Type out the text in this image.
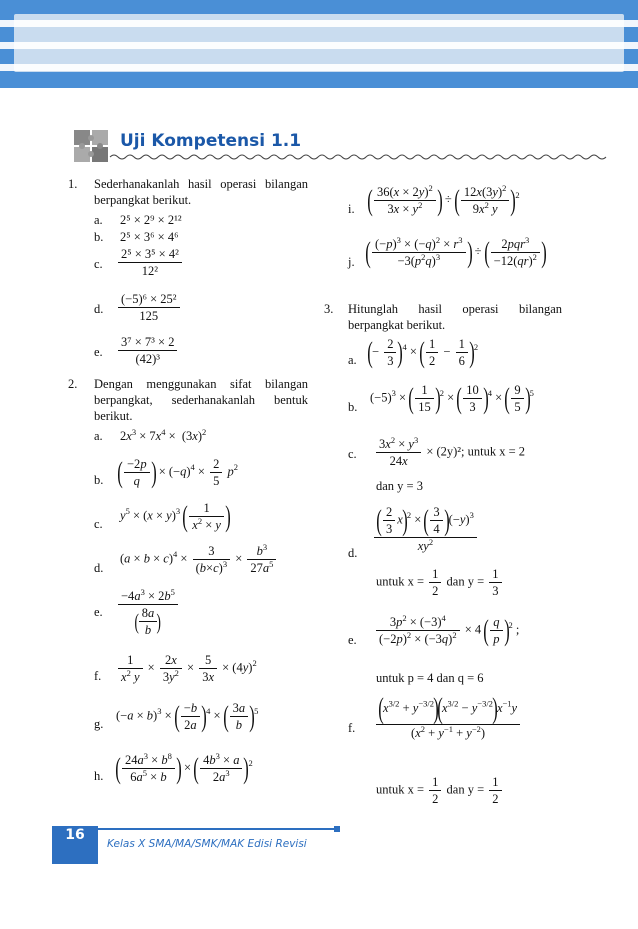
Uji Kompetensi 1.1
1. Sederhanakanlah hasil operasi bilangan berpangkat berikut.
a. 2⁵ × 2⁹ × 2¹²
b. 2⁵ × 3⁶ × 4⁶
c. $\frac{\text{2⁵ × 3⁵ × 4²}}{\text{12²}}$
d. $\frac{\text{(−5)⁶ × 25²}}{125}$
e. $\frac{\text{3⁷ × 7³ × 2}}{\text{(42)³}}$
2. Dengan menggunakan sifat bilangan berpangkat, sederhanakanlah bentuk berikut.
a. $2x^3 \times 7x^4 \times (3x)^2$
b. ( $\frac{-2p}{q}$ ) × $(-q)^4 \times \frac{2}{5} p^2$
c.
$y^5 \times (x \times y)^3$ ( $\frac{1}{x^2 \times y}$ )
d.
$(a \times b \times c)^4 \times \frac{3}{(b\times c)^3} \times \frac{b^3}{27a^5}$
e. $\frac{-4a^3 \times 2b^5}{( \frac{8a}{b} )}$
f. $\frac{1}{x^2 y} \times \frac{2x}{3y^2} \times \frac{5}{3x} \times (4y)^2$
g.
$(-a \times b)^3$ × ( $\frac{-b}{2a} )^4$ × ( $\frac{3a}{b} )^5$
h. ( $\frac{24a^3 \times b^8}{6a^5 \times b}$ ) × ( $\frac{4b^3 \times a}{2a^3} )^2$
i. ( $\frac{36(x \times 2y)^2}{3x \times y^2}$ ) ÷ ( $\frac{12x(3y)^2}{9x^2 y} )^2$
j. ( $\frac{(-p)^3 \times (-q)^2 \times r^3}{-3(p^2q)^3}$ ) ÷ ( 2pqr$^3$
−12(qr)$^2$ )
3. Hitunglah hasil operasi bilangan berpangkat berikut.
a. (− $\frac{2}{3} )^4$ × ( $\frac{1}{2} - \frac{1}{6} )^2$
b.
$(-5)^3$ × ( $\frac{1}{15} )^2$ × ( $\frac{10}{3} )^4$ × ( $\frac{9}{5} )^5$
c. $\frac{3x^2 \times y^3}{24x} \times (2y)^2$; untuk x = 2
dan y = 3
d. $\frac{( \frac{2}{3} x)^2 \times ( \frac{3}{4} )(-y)^3}{xy^2}$
untuk $x = \frac{1}{2}$ dan $y = \frac{1}{3}$
e. $\frac{3p^2 \times (-3)^4}{(-2p)^2 \times (-3q)^2} \times 4$ ( $\frac{q}{p} )^2$ ;
untuk p = 4 dan q = 6
f. $\frac{(x^{3/2} + y^{-3/2})(x^{3/2} - y^{-3/2})x^{-1}y}{(x^2 + y^{-1} + y^{-2})}$
untuk $x = \frac{1}{2}$ dan $y = \frac{1}{2}$
16
Kelas X SMA/MA/SMK/MAK Edisi Revisi
